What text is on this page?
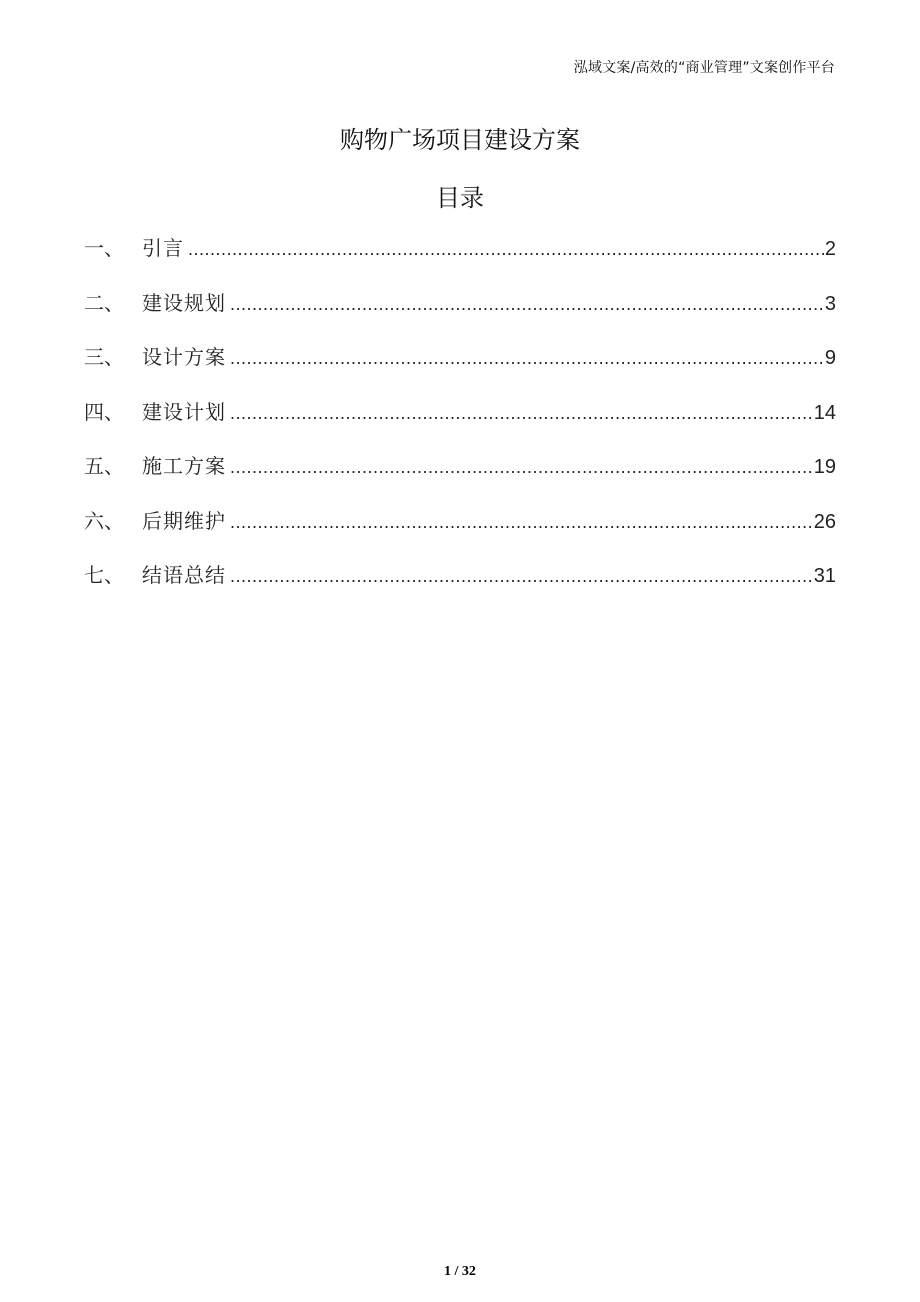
泓域文案/高效的“商业管理”文案创作平台
购物广场项目建设方案
目录
一、 引言 .....	2
二、 建设规划 .....	3
三、 设计方案 .....	9
四、 建设计划 .....	14
五、 施工方案 .....	19
六、 后期维护 .....	26
七、 结语总结 .....	31
1 / 32
